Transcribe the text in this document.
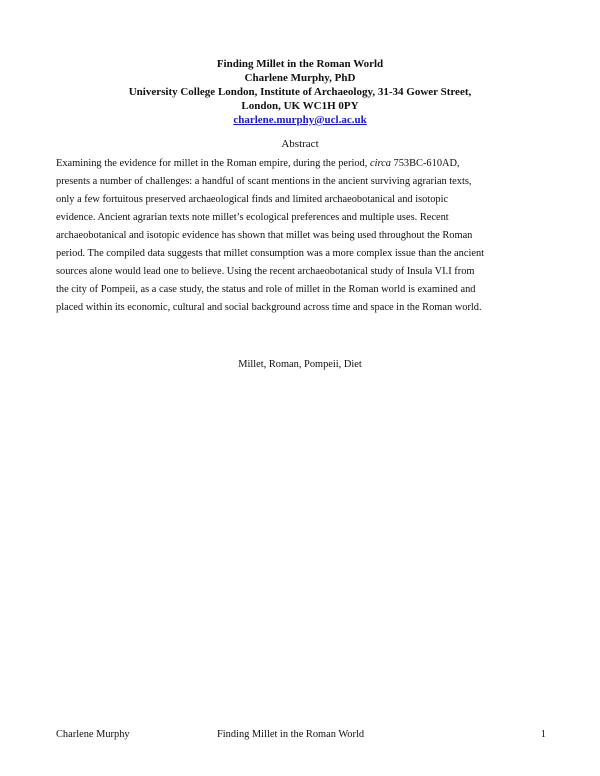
Finding Millet in the Roman World
Charlene Murphy, PhD
University College London, Institute of Archaeology, 31-34 Gower Street,
London, UK WC1H 0PY
charlene.murphy@ucl.ac.uk
Abstract
Examining the evidence for millet in the Roman empire, during the period, circa 753BC-610AD,
presents a number of challenges: a handful of scant mentions in the ancient surviving agrarian texts,
only a few fortuitous preserved archaeological finds and limited archaeobotanical and isotopic
evidence. Ancient agrarian texts note millet’s ecological preferences and multiple uses. Recent
archaeobotanical and isotopic evidence has shown that millet was being used throughout the Roman
period. The compiled data suggests that millet consumption was a more complex issue than the ancient
sources alone would lead one to believe. Using the recent archaeobotanical study of Insula VI.I from
the city of Pompeii, as a case study, the status and role of millet in the Roman world is examined and
placed within its economic, cultural and social background across time and space in the Roman world.
Millet, Roman, Pompeii, Diet
Charlene Murphy	Finding Millet in the Roman World	1
